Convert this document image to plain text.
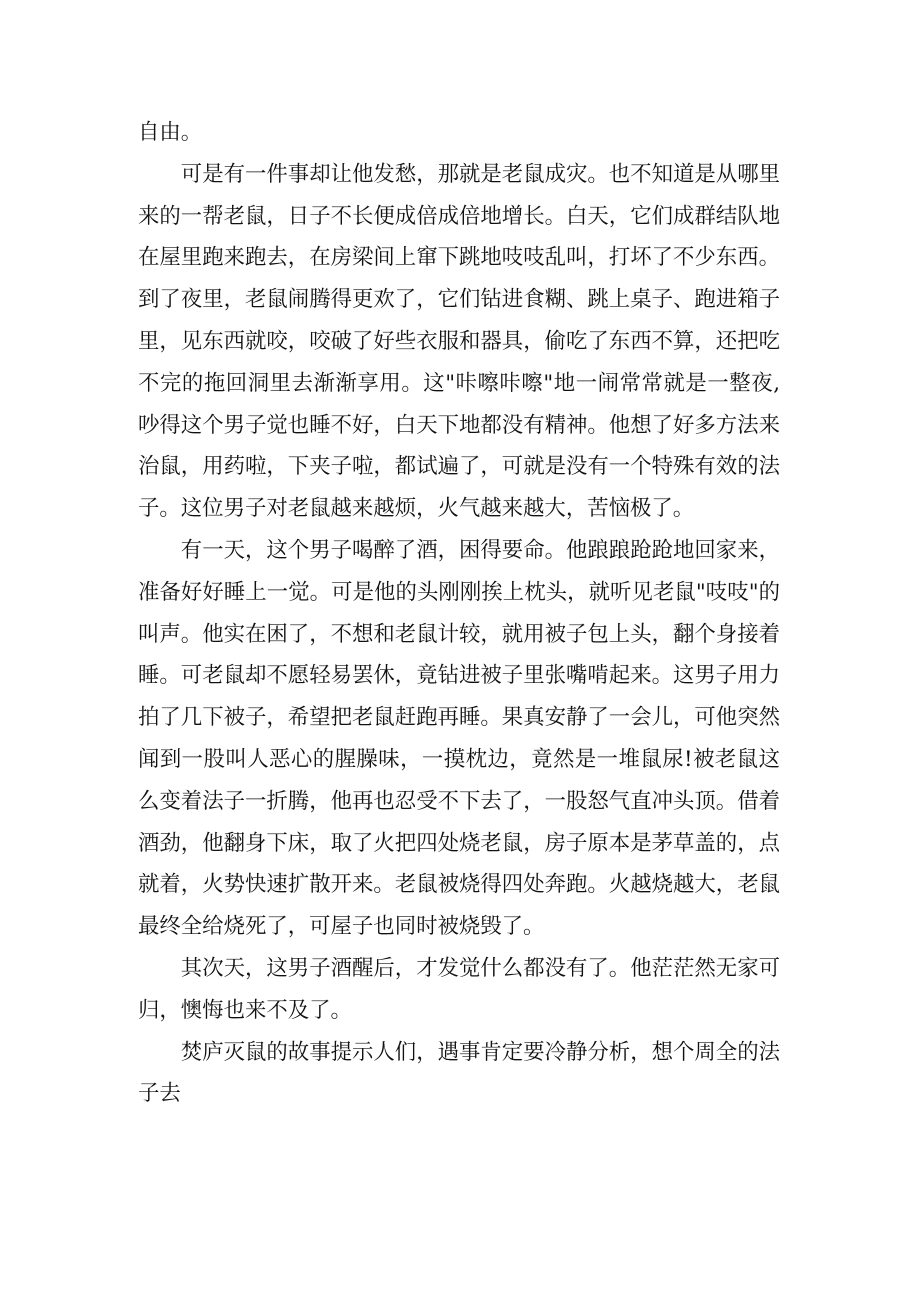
自由。

可是有一件事却让他发愁，那就是老鼠成灾。也不知道是从哪里来的一帮老鼠，日子不长便成倍成倍地增长。白天，它们成群结队地在屋里跑来跑去，在房梁间上窜下跳地吱吱乱叫，打坏了不少东西。到了夜里，老鼠闹腾得更欢了，它们钻进食糊、跳上桌子、跑进箱子里，见东西就咬，咬破了好些衣服和器具，偷吃了东西不算，还把吃不完的拖回洞里去渐渐享用。这"咔嚓咔嚓"地一闹常常就是一整夜,吵得这个男子觉也睡不好，白天下地都没有精神。他想了好多方法来治鼠，用药啦，下夹子啦，都试遍了，可就是没有一个特殊有效的法子。这位男子对老鼠越来越烦，火气越来越大，苦恼极了。

有一天，这个男子喝醉了酒，困得要命。他踉踉跄跄地回家来，准备好好睡上一觉。可是他的头刚刚挨上枕头，就听见老鼠"吱吱"的叫声。他实在困了，不想和老鼠计较，就用被子包上头，翻个身接着睡。可老鼠却不愿轻易罢休，竟钻进被子里张嘴啃起来。这男子用力拍了几下被子，希望把老鼠赶跑再睡。果真安静了一会儿，可他突然闻到一股叫人恶心的腥臊味，一摸枕边，竟然是一堆鼠尿!被老鼠这么变着法子一折腾，他再也忍受不下去了，一股怒气直冲头顶。借着酒劲，他翻身下床，取了火把四处烧老鼠，房子原本是茅草盖的，点就着，火势快速扩散开来。老鼠被烧得四处奔跑。火越烧越大，老鼠最终全给烧死了，可屋子也同时被烧毁了。

其次天，这男子酒醒后，才发觉什么都没有了。他茫茫然无家可归，懊悔也来不及了。

焚庐灭鼠的故事提示人们，遇事肯定要冷静分析，想个周全的法子去
